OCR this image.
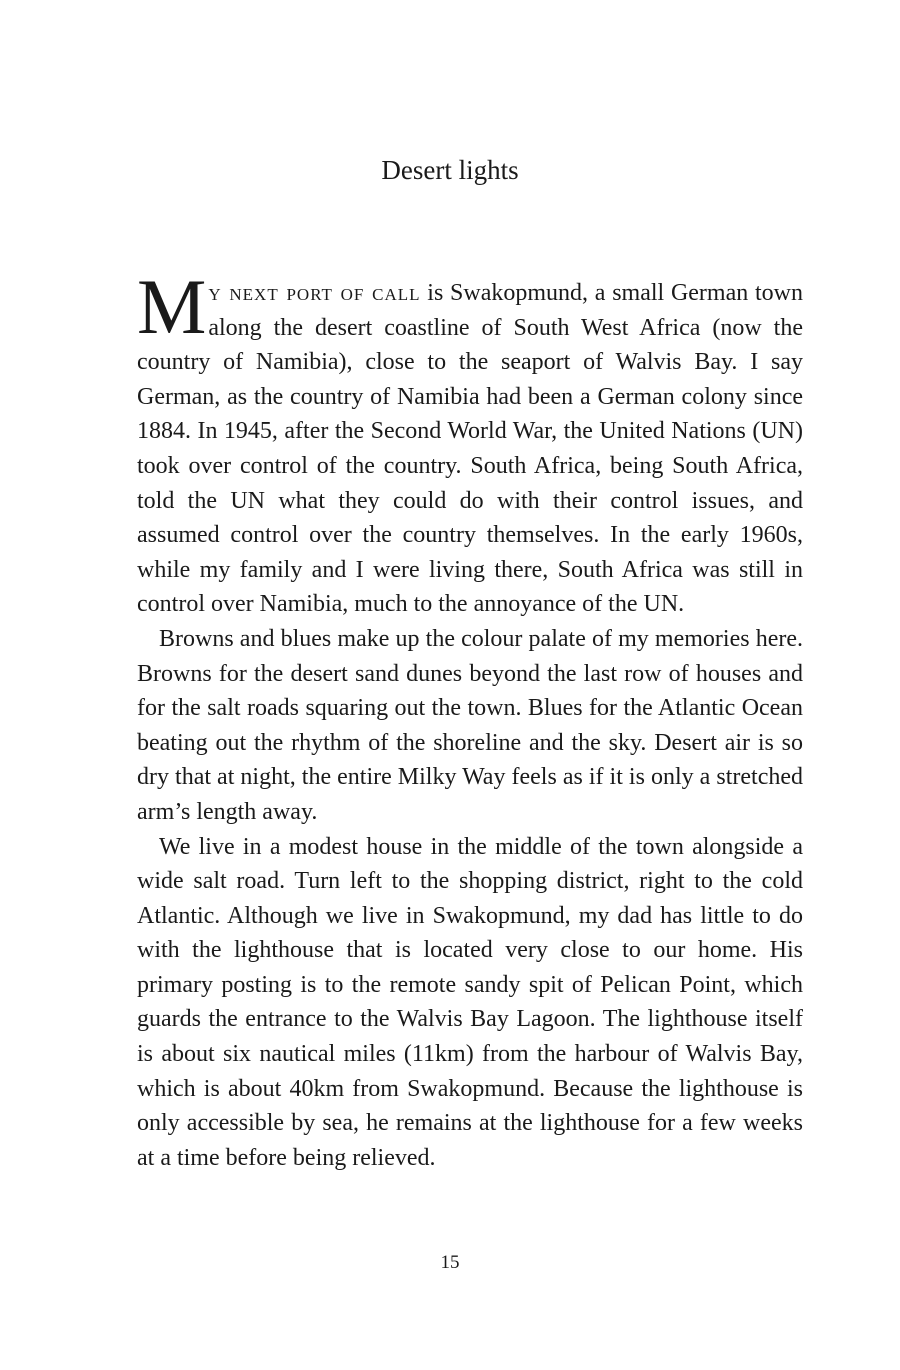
Desert lights

My next port of call is Swakopmund, a small German town along the desert coastline of South West Africa (now the country of Namibia), close to the seaport of Walvis Bay. I say German, as the country of Namibia had been a German colony since 1884. In 1945, after the Second World War, the United Nations (UN) took over control of the country. South Africa, being South Africa, told the UN what they could do with their control issues, and assumed control over the country themselves. In the early 1960s, while my family and I were living there, South Africa was still in control over Namibia, much to the annoyance of the UN.

Browns and blues make up the colour palate of my memories here. Browns for the desert sand dunes beyond the last row of houses and for the salt roads squaring out the town. Blues for the Atlantic Ocean beating out the rhythm of the shoreline and the sky. Desert air is so dry that at night, the entire Milky Way feels as if it is only a stretched arm’s length away.

We live in a modest house in the middle of the town alongside a wide salt road. Turn left to the shopping district, right to the cold Atlantic. Although we live in Swakopmund, my dad has little to do with the lighthouse that is located very close to our home. His primary posting is to the remote sandy spit of Pelican Point, which guards the entrance to the Walvis Bay Lagoon. The lighthouse itself is about six nautical miles (11km) from the harbour of Walvis Bay, which is about 40km from Swakopmund. Because the lighthouse is only accessible by sea, he remains at the lighthouse for a few weeks at a time before being relieved.

15
